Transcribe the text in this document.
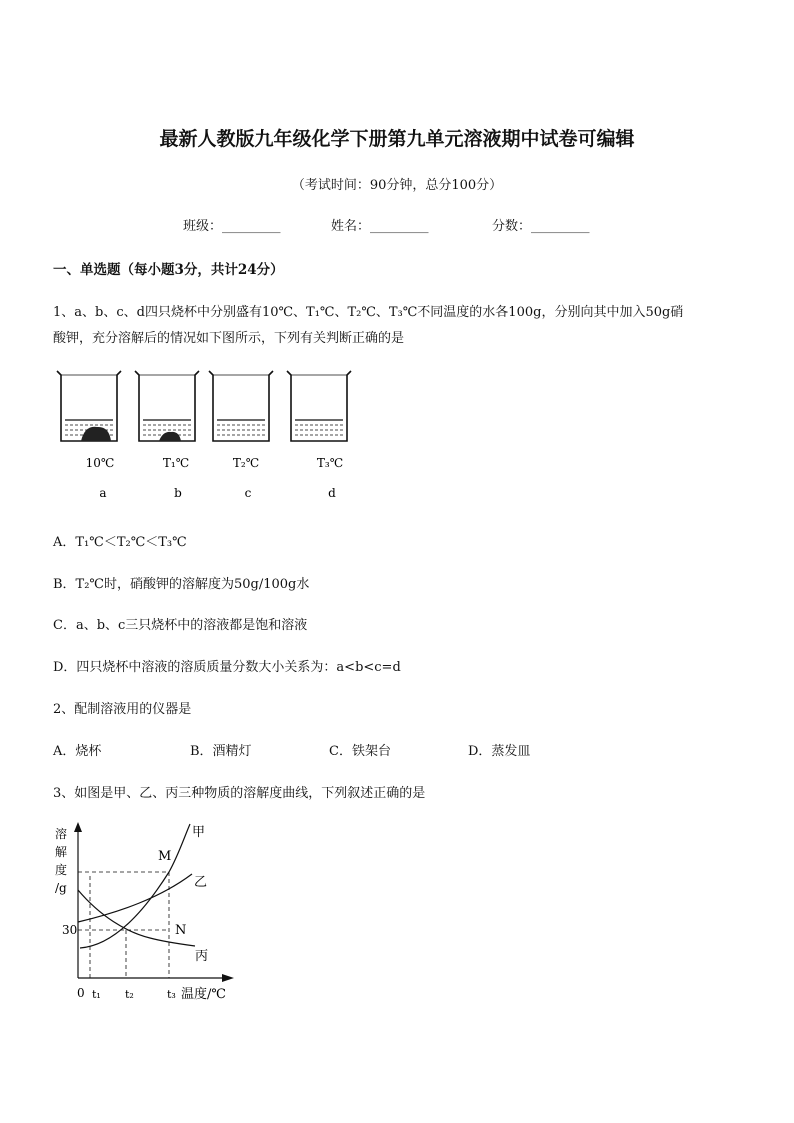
最新人教版九年级化学下册第九单元溶液期中试卷可编辑
（考试时间：90分钟，总分100分）
班级：_________	姓名：_________	分数：_________
一、单选题（每小题3分，共计24分）
1、a、b、c、d四只烧杯中分别盛有10℃、T₁℃、T₂℃、T₃℃不同温度的水各100g，分别向其中加入50g硝
酸钾，充分溶解后的情况如下图所示，下列有关判断正确的是
10℃	T₁℃	T₂℃	T₃℃
a	b	c	d
A．T₁℃＜T₂℃＜T₃℃
B．T₂℃时，硝酸钾的溶解度为50g/100g水
C．a、b、c三只烧杯中的溶液都是饱和溶液
D．四只烧杯中溶液的溶质质量分数大小关系为：a<b<c=d
2、配制溶液用的仪器是
A．烧杯	B．酒精灯	C．铁架台	D．蒸发皿
3、如图是甲、乙、丙三种物质的溶解度曲线，下列叙述正确的是
溶
解
度
/g
30
0 t₁ t₂	t₃ 温度/℃
甲
乙
丙
M
N
